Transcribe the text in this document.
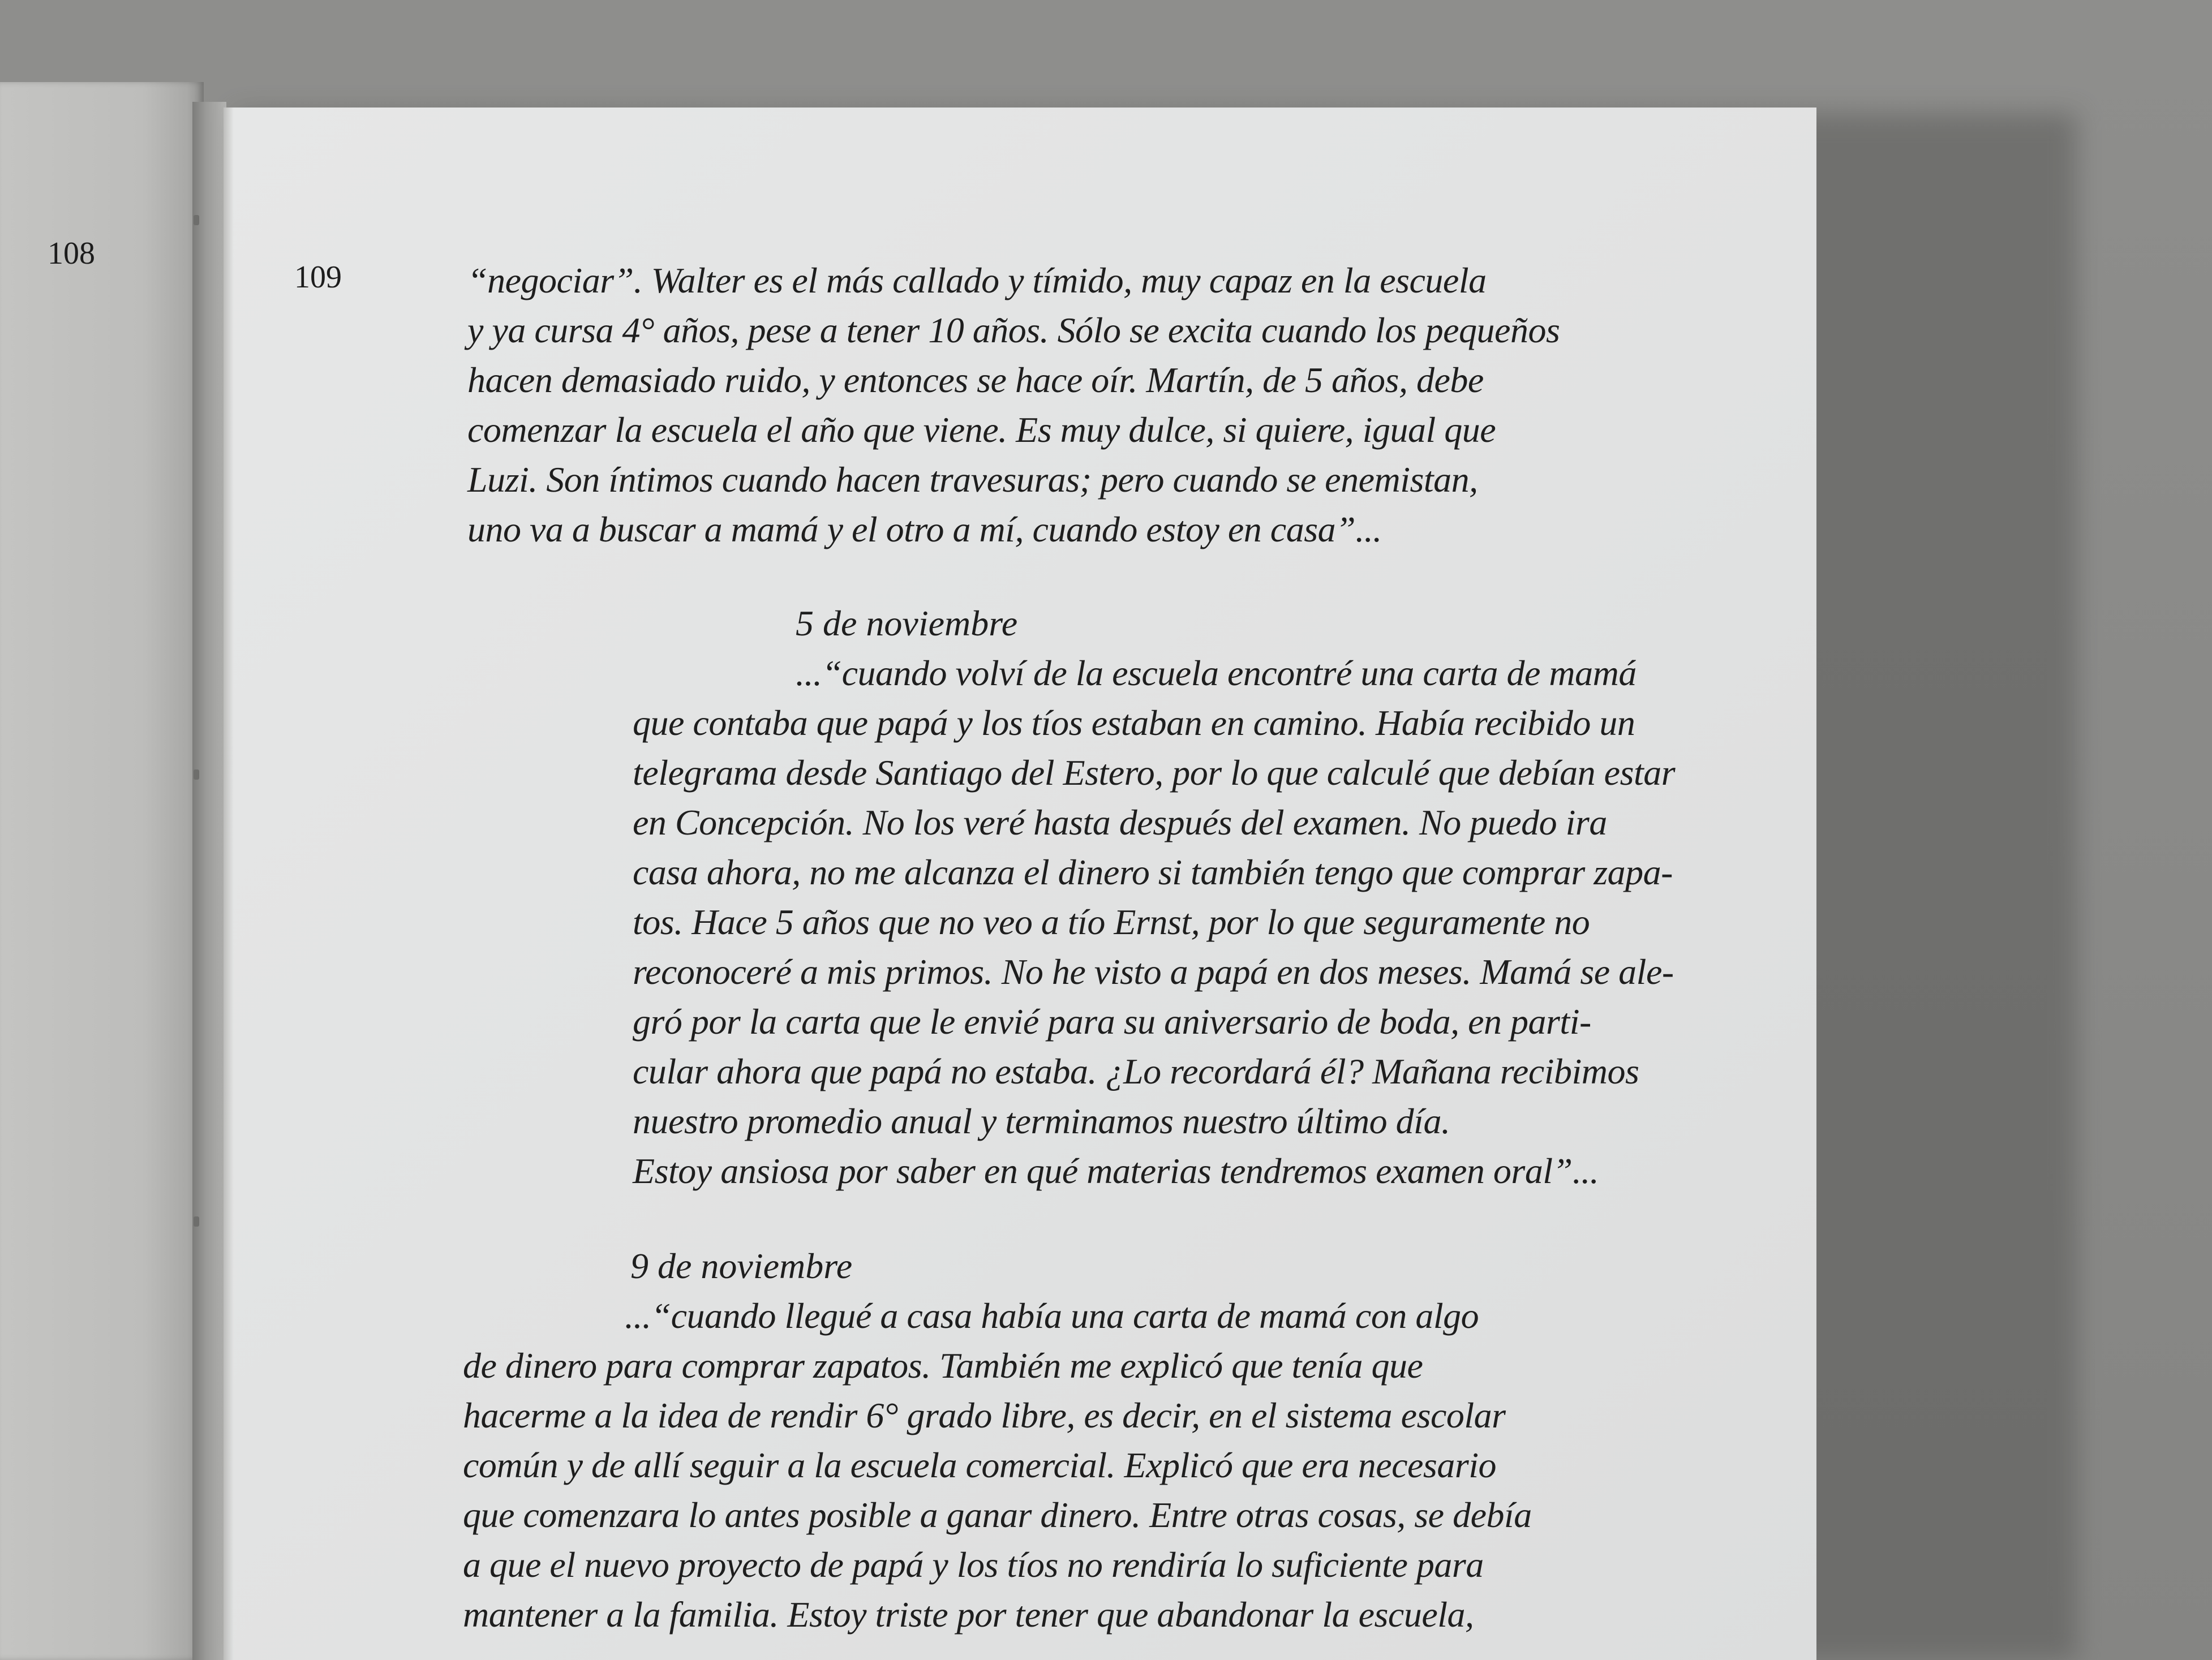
108
109	“negociar”. Walter es el más callado y tímido, muy capaz en la escuela
y ya cursa 4° años, pese a tener 10 años. Sólo se excita cuando los pequeños
hacen demasiado ruido, y entonces se hace oír. Martín, de 5 años, debe
comenzar la escuela el año que viene. Es muy dulce, si quiere, igual que
Luzi. Son íntimos cuando hacen travesuras; pero cuando se enemistan,
uno va a buscar a mamá y el otro a mí, cuando estoy en casa”...
5 de noviembre
...“cuando volví de la escuela encontré una carta de mamá
que contaba que papá y los tíos estaban en camino. Había recibido un
telegrama desde Santiago del Estero, por lo que calculé que debían estar
en Concepción. No los veré hasta después del examen. No puedo ira
casa ahora, no me alcanza el dinero si también tengo que comprar zapa-
tos. Hace 5 años que no veo a tío Ernst, por lo que seguramente no
reconoceré a mis primos. No he visto a papá en dos meses. Mamá se ale-
gró por la carta que le envié para su aniversario de boda, en parti-
cular ahora que papá no estaba. ¿Lo recordará él? Mañana recibimos
nuestro promedio anual y terminamos nuestro último día.
Estoy ansiosa por saber en qué materias tendremos examen oral”...
9 de noviembre
...“cuando llegué a casa había una carta de mamá con algo
de dinero para comprar zapatos. También me explicó que tenía que
hacerme a la idea de rendir 6° grado libre, es decir, en el sistema escolar
común y de allí seguir a la escuela comercial. Explicó que era necesario
que comenzara lo antes posible a ganar dinero. Entre otras cosas, se debía
a que el nuevo proyecto de papá y los tíos no rendiría lo suficiente para
mantener a la familia. Estoy triste por tener que abandonar la escuela,
